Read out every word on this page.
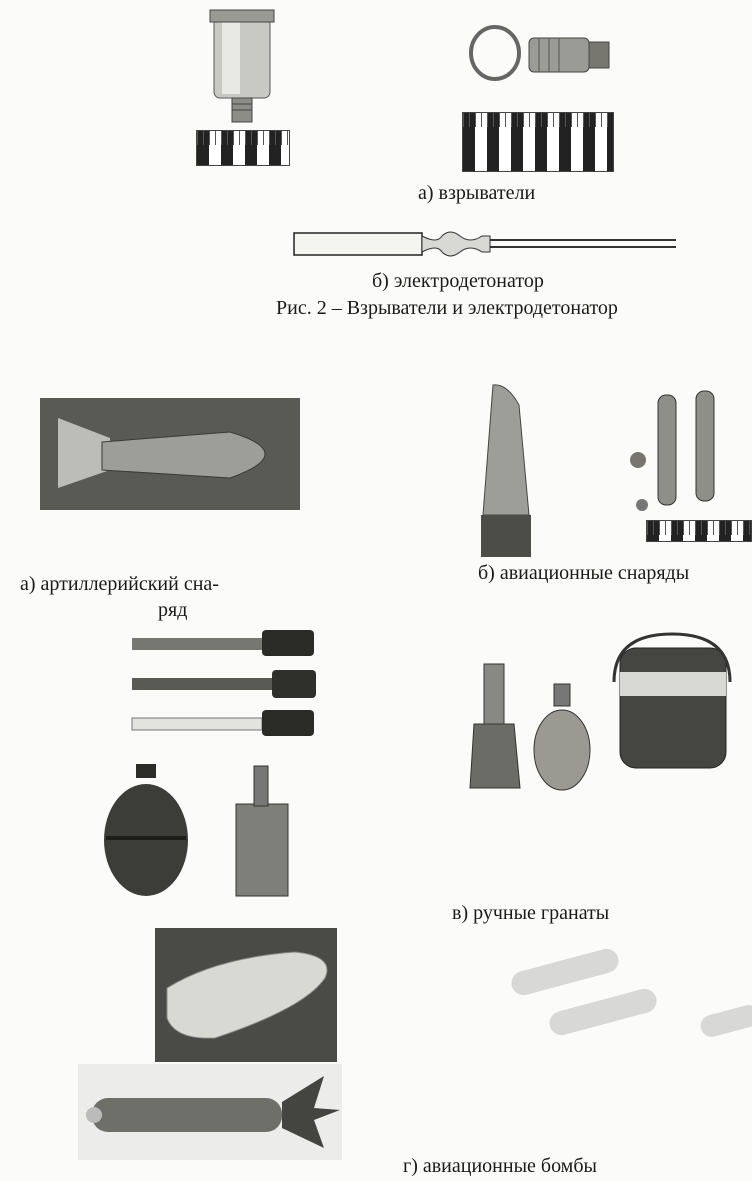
а) взрыватели
б) электродетонатор
Рис. 2 – Взрыватели и электродетонатор
а) артиллерийский сна-
ряд
б) авиационные снаряды
в) ручные гранаты
г) авиационные бомбы
